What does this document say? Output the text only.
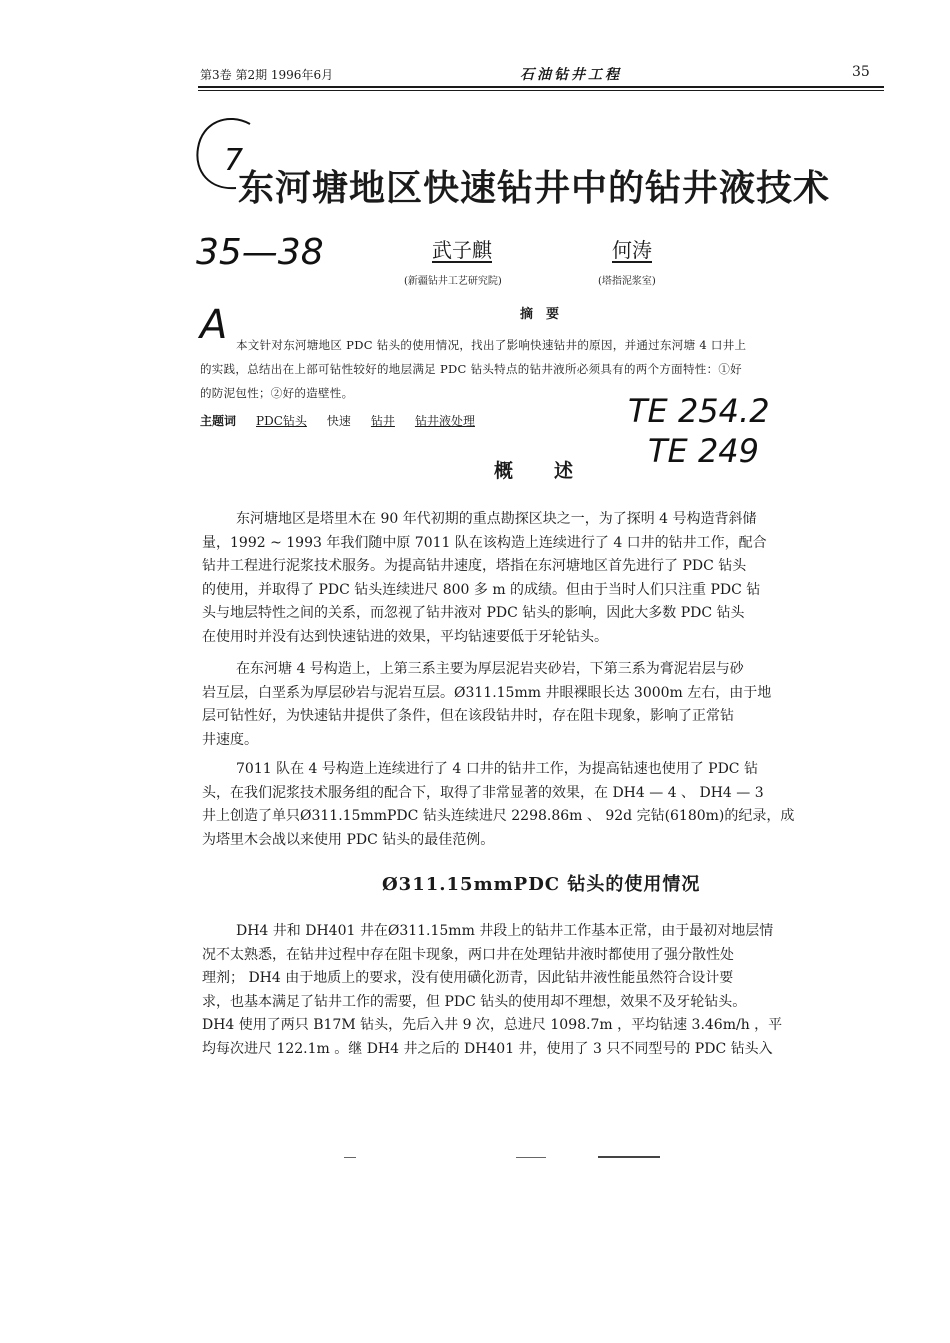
第3卷 第2期 1996年6月	石油钻井工程	35
7
东河塘地区快速钻井中的钻井液技术
35—38	武子麒
(新疆钻井工艺研究院)
何涛
(塔指泥浆室)
摘　要
A 本文针对东河塘地区 PDC 钻头的使用情况，找出了影响快速钻井的原因，并通过东河塘 4 口井上
的实践，总结出在上部可钻性较好的地层满足 PDC 钻头特点的钻井液所必须具有的两个方面特性：①好
的防泥包性；②好的造壁性。
主题词 PDC钻头 快速 钻井 钻井液处理	TE 254.2
TE 249
概　　述
东河塘地区是塔里木在 90 年代初期的重点勘探区块之一，为了探明 4 号构造背斜储
量，1992 ~ 1993 年我们随中原 7011 队在该构造上连续进行了 4 口井的钻井工作，配合
钻井工程进行泥浆技术服务。为提高钻井速度，塔指在东河塘地区首先进行了 PDC 钻头
的使用，并取得了 PDC 钻头连续进尺 800 多 m 的成绩。但由于当时人们只注重 PDC 钻
头与地层特性之间的关系，而忽视了钻井液对 PDC 钻头的影响，因此大多数 PDC 钻头
在使用时并没有达到快速钻进的效果，平均钻速要低于牙轮钻头。
在东河塘 4 号构造上，上第三系主要为厚层泥岩夹砂岩，下第三系为膏泥岩层与砂
岩互层，白垩系为厚层砂岩与泥岩互层。Ø311.15mm 井眼裸眼长达 3000m 左右，由于地
层可钻性好，为快速钻井提供了条件，但在该段钻井时，存在阻卡现象，影响了正常钻
井速度。
7011 队在 4 号构造上连续进行了 4 口井的钻井工作，为提高钻速也使用了 PDC 钻
头，在我们泥浆技术服务组的配合下，取得了非常显著的效果，在 DH4 — 4 、 DH4 — 3
井上创造了单只Ø311.15mmPDC 钻头连续进尺 2298.86m 、 92d 完钻(6180m)的纪录，成
为塔里木会战以来使用 PDC 钻头的最佳范例。
Ø311.15mmPDC 钻头的使用情况
DH4 井和 DH401 井在Ø311.15mm 井段上的钻井工作基本正常，由于最初对地层情
况不太熟悉，在钻井过程中存在阻卡现象，两口井在处理钻井液时都使用了强分散性处
理剂； DH4 由于地质上的要求，没有使用磺化沥青，因此钻井液性能虽然符合设计要
求，也基本满足了钻井工作的需要，但 PDC 钻头的使用却不理想，效果不及牙轮钻头。
DH4 使用了两只 B17M 钻头，先后入井 9 次，总进尺 1098.7m ，平均钻速 3.46m/h ，平
均每次进尺 122.1m 。继 DH4 井之后的 DH401 井，使用了 3 只不同型号的 PDC 钻头入
